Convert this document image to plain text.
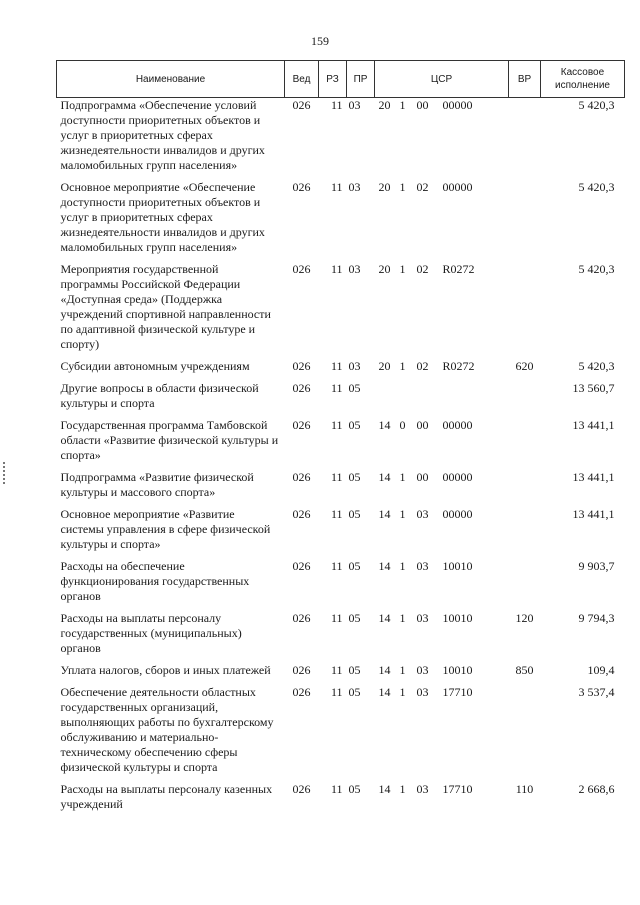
159
Наименование	Вед	РЗ	ПР	ЦСР	ВР	Кассовое исполнение
Подпрограмма «Обеспечение условий доступности приоритетных объектов и услуг в приоритетных сферах жизнедеятельности инвалидов и других маломобильных групп населения»	026	11	03	20 1 00 00000		5 420,3
Основное мероприятие «Обеспечение доступности приоритетных объектов и услуг в приоритетных сферах жизнедеятельности инвалидов и других маломобильных групп населения»	026	11	03	20 1 02 00000		5 420,3
Мероприятия государственной программы Российской Федерации «Доступная среда» (Поддержка учреждений спортивной направленности по адаптивной физической культуре и спорту)	026	11	03	20 1 02 R0272		5 420,3
Субсидии автономным учреждениям	026	11	03	20 1 02 R0272	620	5 420,3
Другие вопросы в области физической культуры и спорта	026	11	05			13 560,7
Государственная программа Тамбовской области «Развитие физической культуры и спорта»	026	11	05	14 0 00 00000		13 441,1
Подпрограмма «Развитие физической культуры и массового спорта»	026	11	05	14 1 00 00000		13 441,1
Основное мероприятие «Развитие системы управления в сфере физической культуры и спорта»	026	11	05	14 1 03 00000		13 441,1
Расходы на обеспечение функционирования государственных органов	026	11	05	14 1 03 10010		9 903,7
Расходы на выплаты персоналу государственных (муниципальных) органов	026	11	05	14 1 03 10010	120	9 794,3
Уплата налогов, сборов и иных платежей	026	11	05	14 1 03 10010	850	109,4
Обеспечение деятельности областных государственных организаций, выполняющих работы по бухгалтерскому обслуживанию и материально-техническому обеспечению сферы физической культуры и спорта	026	11	05	14 1 03 17710		3 537,4
Расходы на выплаты персоналу казенных учреждений	026	11	05	14 1 03 17710	110	2 668,6
